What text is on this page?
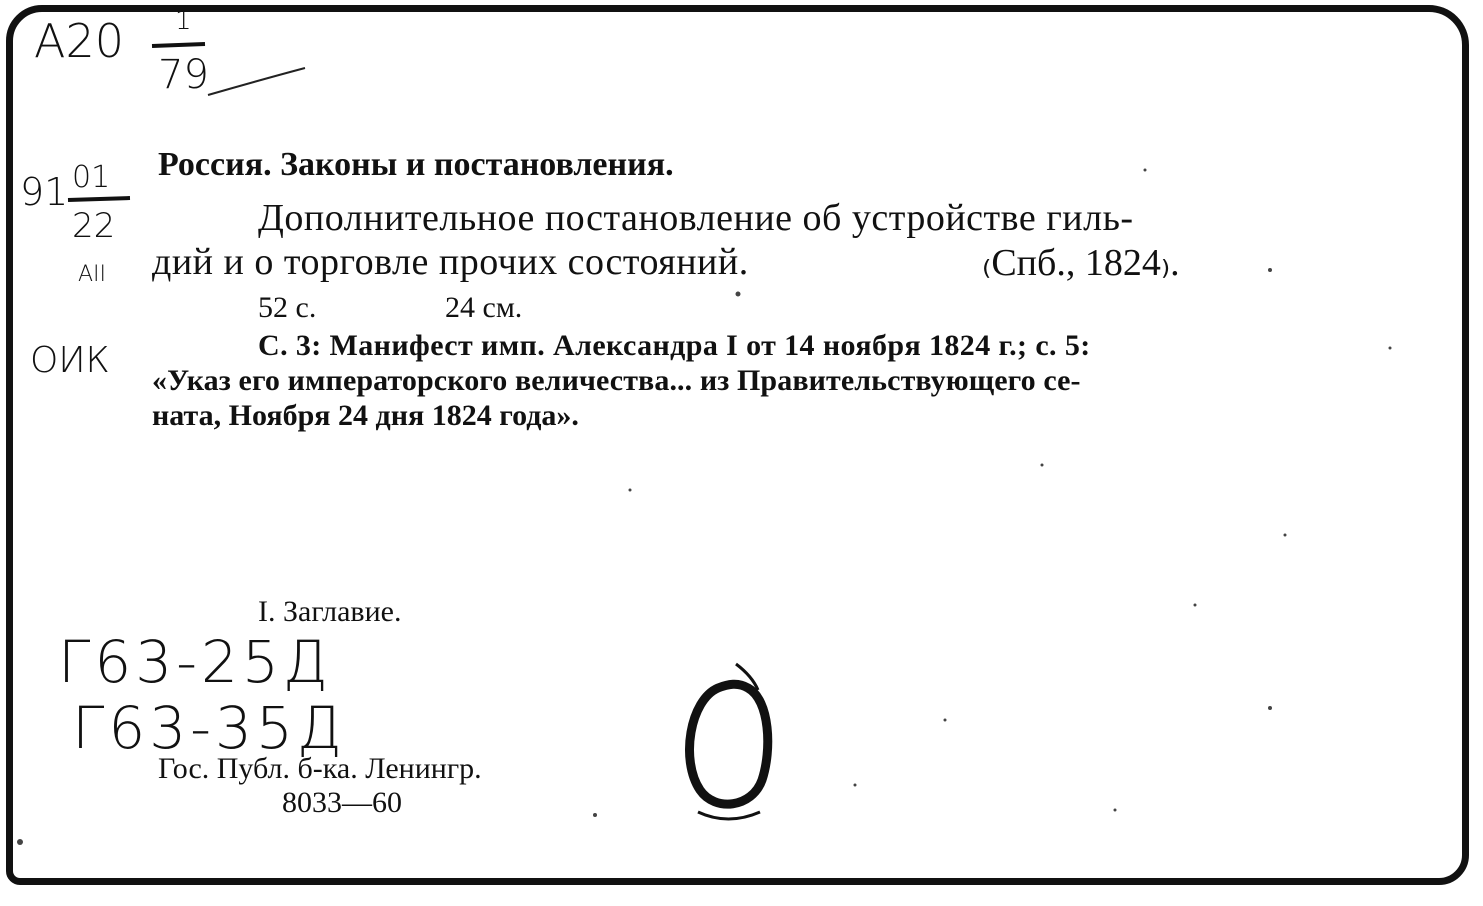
A20 1
79
91 01
22
AII
ОИК
Россия. Законы и постановления.
Дополнительное постановление об устройстве гиль-
дий и о торговле прочих состояний.	₍Спб., 1824₎.
52 с.	24 см.
С. 3: Манифест имп. Александра I от 14 ноября 1824 г.; с. 5:
«Указ его императорского величества... из Правительствующего се-
ната, Ноября 24 дня 1824 года».
I. Заглавие.
Г63-25Д
Г63-35Д
Гос. Публ. б-ка. Ленингр.
8033—60
